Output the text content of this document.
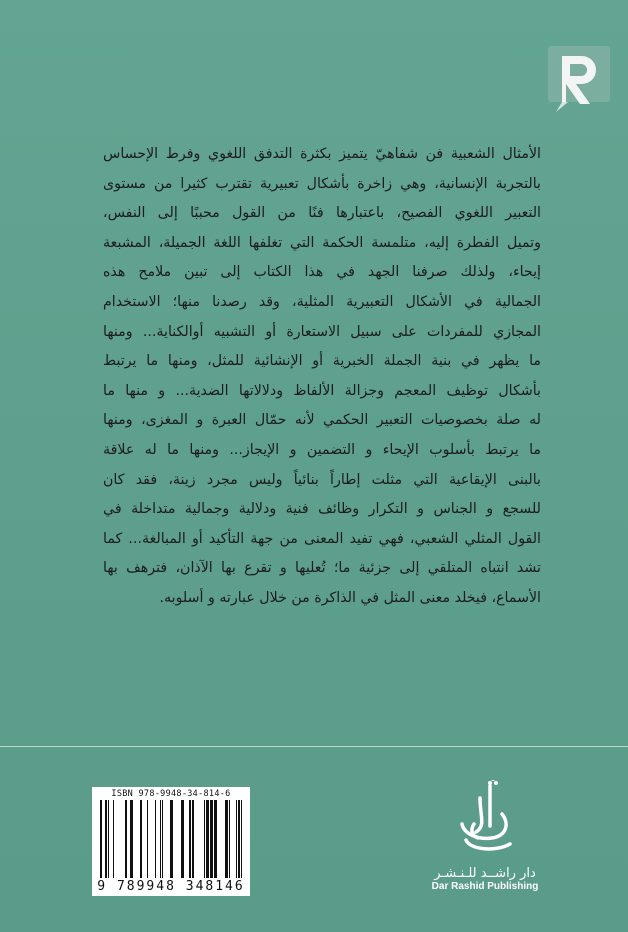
الأمثال الشعبية فن شفاهيّ يتميز بكثرة التدفق اللغوي وفرط الإحساس
بالتجربة الإنسانية، وهي زاخرة بأشكال تعبيرية تقترب كثيرا من مستوى
التعبير اللغوي الفصيح، باعتبارها فنًا من القول محببًا إلى النفس،
وتميل الفطرة إليه، متلمسة الحكمة التي تغلفها اللغة الجميلة، المشبعة
إيحاء، ولذلك صرفنا الجهد في هذا الكتاب إلى تبين ملامح هذه
الجمالية في الأشكال التعبيرية المثلية، وقد رصدنا منها؛ الاستخدام
المجازي للمفردات على سبيل الاستعارة أو التشبيه أوالكناية... ومنها
ما يظهر في بنية الجملة الخبرية أو الإنشائية للمثل، ومنها ما يرتبط
بأشكال توظيف المعجم وجزالة الألفاظ ودلالاتها الضدية... و منها ما
له صلة بخصوصيات التعبير الحكمي لأنه حمّال العبرة و المغزى، ومنها
ما يرتبط بأسلوب الإيحاء و التضمين و الإيجاز... ومنها ما له علاقة
بالبنى الإيقاعية التي مثلت إطاراً بنائياً وليس مجرد زينة، فقد كان
للسجع و الجناس و التكرار وظائف فنية ودلالية وجمالية متداخلة في
القول المثلي الشعبي، فهي تفيد المعنى من جهة التأكيد أو المبالغة... كما
تشد انتباه المتلقي إلى جزئية ما؛ تُعليها و تقرع بها الآذان، فترهف بها
الأسماع، فيخلد معنى المثل في الذاكرة من خلال عبارته و أسلوبه.
ISBN 978-9948-34-814-6
9 789948 348146
دار راشــد للـنـشـر
Dar Rashid Publishing
